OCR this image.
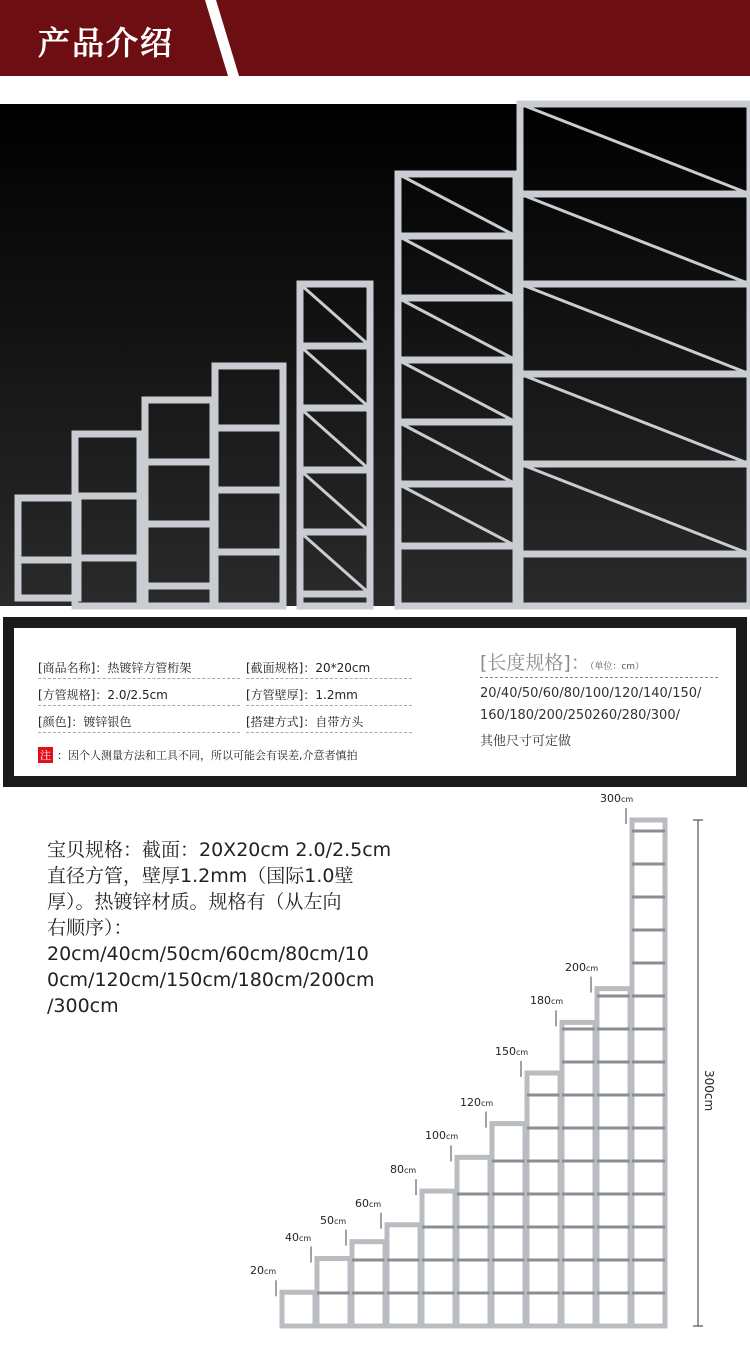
产品介绍
[商品名称]：热镀锌方管桁架	[截面规格]：20*20cm
[方管规格]：2.0/2.5cm	[方管壁厚]：1.2mm
[颜色]：镀锌银色	[搭建方式]：自带方头
注 ：因个人测量方法和工具不同，所以可能会有误差,介意者慎拍
[长度规格]：（单位：cm）
20/40/50/60/80/100/120/140/150/
160/180/200/250260/280/300/
其他尺寸可定做

宝贝规格：截面：20X20cm 2.0/2.5cm

直径方管，壁厚1.2mm（国际1.0壁

厚）。热镀锌材质。规格有（从左向

右顺序）：

20cm/40cm/50cm/60cm/80cm/10

0cm/120cm/150cm/180cm/200cm

/300cm

20cm
40cm
50cm
60cm
80cm
100cm
120cm
150cm
180cm
200cm
300cm
300cm
